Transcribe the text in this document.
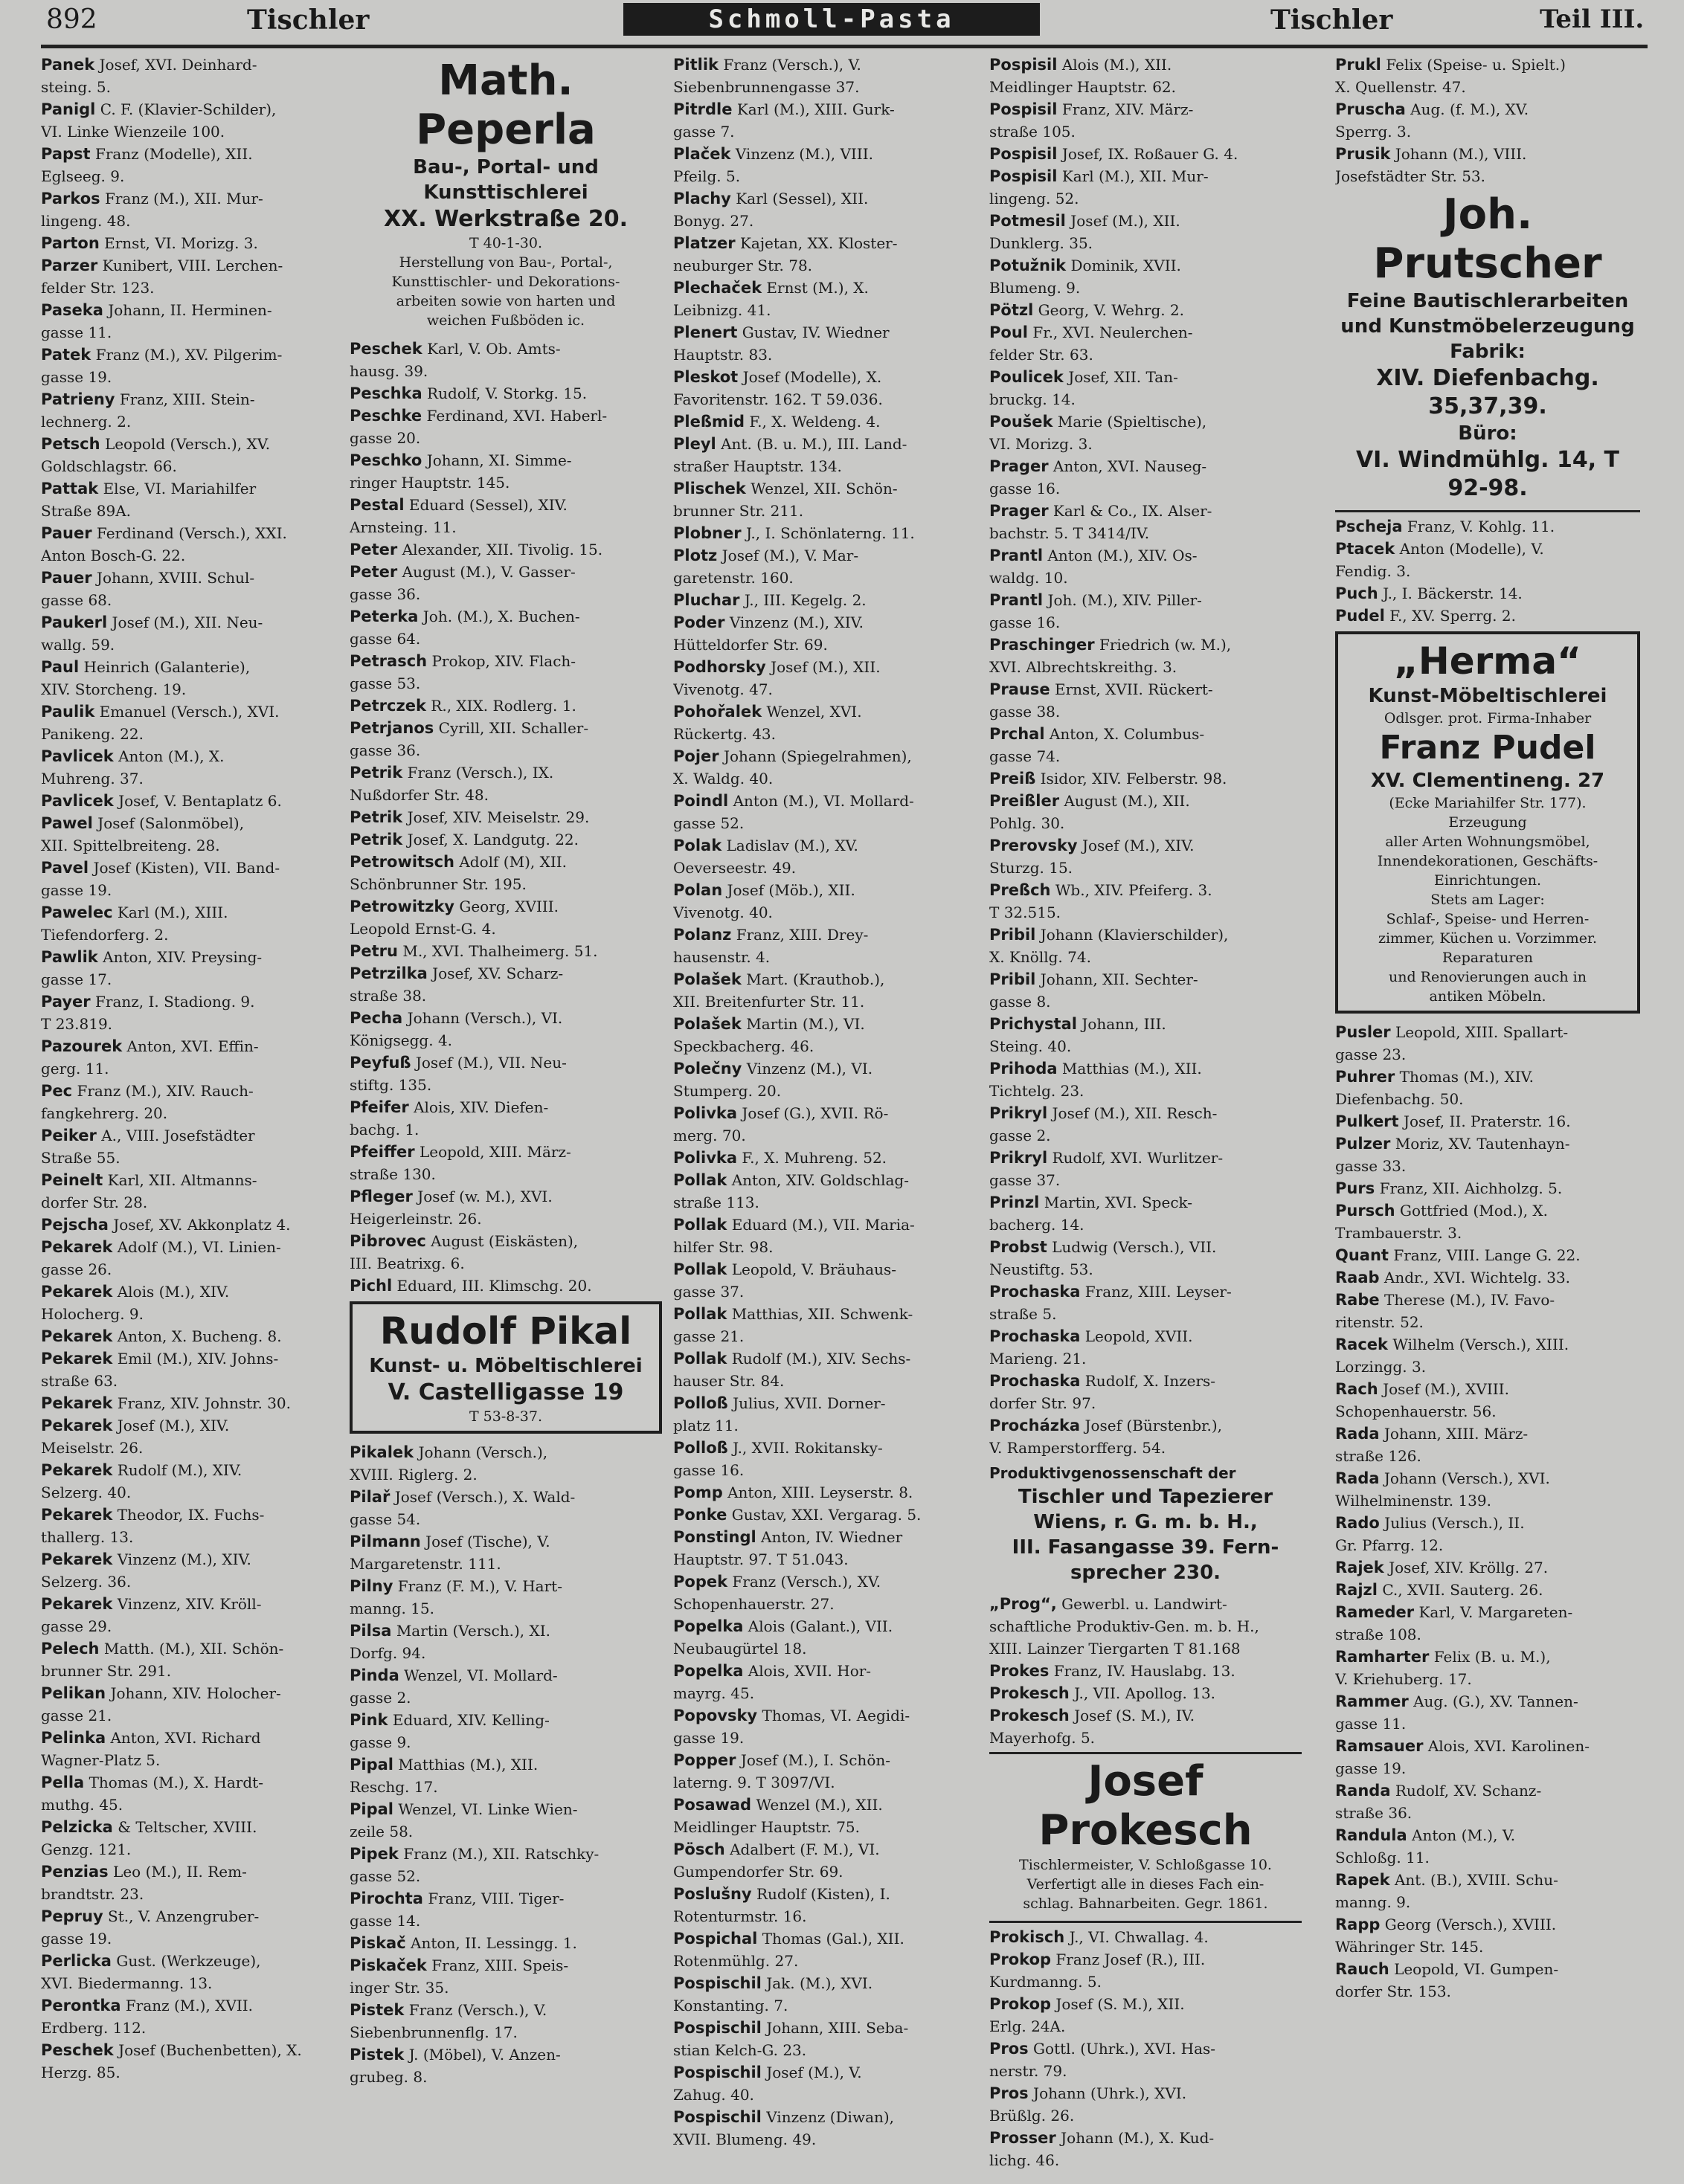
892	Tischler	Schmoll-Pasta	Tischler	Teil III.
Panek Josef, XVI. Deinhard-
steing. 5.
Panigl C. F. (Klavier-Schilder),
VI. Linke Wienzeile 100.
Papst Franz (Modelle), XII.
Eglseeg. 9.
Parkos Franz (M.), XII. Mur-
lingeng. 48.
Parton Ernst, VI. Morizg. 3.
Parzer Kunibert, VIII. Lerchen-
felder Str. 123.
Paseka Johann, II. Herminen-
gasse 11.
Patek Franz (M.), XV. Pilgerim-
gasse 19.
Patrieny Franz, XIII. Stein-
lechnerg. 2.
Petsch Leopold (Versch.), XV.
Goldschlagstr. 66.
Pattak Else, VI. Mariahilfer
Straße 89A.
Pauer Ferdinand (Versch.), XXI.
Anton Bosch-G. 22.
Pauer Johann, XVIII. Schul-
gasse 68.
Paukerl Josef (M.), XII. Neu-
wallg. 59.
Paul Heinrich (Galanterie),
XIV. Storcheng. 19.
Paulik Emanuel (Versch.), XVI.
Panikeng. 22.
Pavlicek Anton (M.), X.
Muhreng. 37.
Pavlicek Josef, V. Bentaplatz 6.
Pawel Josef (Salonmöbel),
XII. Spittelbreiteng. 28.
Pavel Josef (Kisten), VII. Band-
gasse 19.
Pawelec Karl (M.), XIII.
Tiefendorferg. 2.
Pawlik Anton, XIV. Preysing-
gasse 17.
Payer Franz, I. Stadiong. 9.
T 23.819.
Pazourek Anton, XVI. Effin-
gerg. 11.
Pec Franz (M.), XIV. Rauch-
fangkehrerg. 20.
Peiker A., VIII. Josefstädter
Straße 55.
Peinelt Karl, XII. Altmanns-
dorfer Str. 28.
Pejscha Josef, XV. Akkonplatz 4.
Pekarek Adolf (M.), VI. Linien-
gasse 26.
Pekarek Alois (M.), XIV.
Holocherg. 9.
Pekarek Anton, X. Bucheng. 8.
Pekarek Emil (M.), XIV. Johns-
straße 63.
Pekarek Franz, XIV. Johnstr. 30.
Pekarek Josef (M.), XIV.
Meiselstr. 26.
Pekarek Rudolf (M.), XIV.
Selzerg. 40.
Pekarek Theodor, IX. Fuchs-
thallerg. 13.
Pekarek Vinzenz (M.), XIV.
Selzerg. 36.
Pekarek Vinzenz, XIV. Kröll-
gasse 29.
Pelech Matth. (M.), XII. Schön-
brunner Str. 291.
Pelikan Johann, XIV. Holocher-
gasse 21.
Pelinka Anton, XVI. Richard
Wagner-Platz 5.
Pella Thomas (M.), X. Hardt-
muthg. 45.
Pelzicka & Teltscher, XVIII.
Genzg. 121.
Penzias Leo (M.), II. Rem-
brandtstr. 23.
Pepruy St., V. Anzengruber-
gasse 19.
Perlicka Gust. (Werkzeuge),
XVI. Biedermanng. 13.
Perontka Franz (M.), XVII.
Erdberg. 112.
Peschek Josef (Buchenbetten), X.
Herzg. 85.
Math. Peperla
Bau-, Portal- und Kunsttischlerei
XX. Werkstraße 20.
T 40-1-30.
Herstellung von Bau-, Portal-,
Kunsttischler- und Dekorations-
arbeiten sowie von harten und
weichen Fußböden ic.
Peschek Karl, V. Ob. Amts-
hausg. 39.
Peschka Rudolf, V. Storkg. 15.
Peschke Ferdinand, XVI. Haberl-
gasse 20.
Peschko Johann, XI. Simme-
ringer Hauptstr. 145.
Pestal Eduard (Sessel), XIV.
Arnsteing. 11.
Peter Alexander, XII. Tivolig. 15.
Peter August (M.), V. Gasser-
gasse 36.
Peterka Joh. (M.), X. Buchen-
gasse 64.
Petrasch Prokop, XIV. Flach-
gasse 53.
Petrczek R., XIX. Rodlerg. 1.
Petrjanos Cyrill, XII. Schaller-
gasse 36.
Petrik Franz (Versch.), IX.
Nußdorfer Str. 48.
Petrik Josef, XIV. Meiselstr. 29.
Petrik Josef, X. Landgutg. 22.
Petrowitsch Adolf (M), XII.
Schönbrunner Str. 195.
Petrowitzky Georg, XVIII.
Leopold Ernst-G. 4.
Petru M., XVI. Thalheimerg. 51.
Petrzilka Josef, XV. Scharz-
straße 38.
Pecha Johann (Versch.), VI.
Königsegg. 4.
Peyfuß Josef (M.), VII. Neu-
stiftg. 135.
Pfeifer Alois, XIV. Diefen-
bachg. 1.
Pfeiffer Leopold, XIII. März-
straße 130.
Pfleger Josef (w. M.), XVI.
Heigerleinstr. 26.
Pibrovec August (Eiskästen),
III. Beatrixg. 6.
Pichl Eduard, III. Klimschg. 20.
Rudolf Pikal
Kunst- u. Möbeltischlerei
V. Castelligasse 19
T 53-8-37.
Pikalek Johann (Versch.),
XVIII. Riglerg. 2.
Pilař Josef (Versch.), X. Wald-
gasse 54.
Pilmann Josef (Tische), V.
Margaretenstr. 111.
Pilny Franz (F. M.), V. Hart-
manng. 15.
Pilsa Martin (Versch.), XI.
Dorfg. 94.
Pinda Wenzel, VI. Mollard-
gasse 2.
Pink Eduard, XIV. Kelling-
gasse 9.
Pipal Matthias (M.), XII.
Reschg. 17.
Pipal Wenzel, VI. Linke Wien-
zeile 58.
Pipek Franz (M.), XII. Ratschky-
gasse 52.
Pirochta Franz, VIII. Tiger-
gasse 14.
Piskač Anton, II. Lessingg. 1.
Piskaček Franz, XIII. Speis-
inger Str. 35.
Pistek Franz (Versch.), V.
Siebenbrunnenflg. 17.
Pistek J. (Möbel), V. Anzen-
grubeg. 8.
Pitlik Franz (Versch.), V.
Siebenbrunnengasse 37.
Pitrdle Karl (M.), XIII. Gurk-
gasse 7.
Plaček Vinzenz (M.), VIII.
Pfeilg. 5.
Plachy Karl (Sessel), XII.
Bonyg. 27.
Platzer Kajetan, XX. Kloster-
neuburger Str. 78.
Plechaček Ernst (M.), X.
Leibnizg. 41.
Plenert Gustav, IV. Wiedner
Hauptstr. 83.
Pleskot Josef (Modelle), X.
Favoritenstr. 162. T 59.036.
Pleßmid F., X. Weldeng. 4.
Pleyl Ant. (B. u. M.), III. Land-
straßer Hauptstr. 134.
Plischek Wenzel, XII. Schön-
brunner Str. 211.
Plobner J., I. Schönlaterng. 11.
Plotz Josef (M.), V. Mar-
garetenstr. 160.
Pluchar J., III. Kegelg. 2.
Poder Vinzenz (M.), XIV.
Hütteldorfer Str. 69.
Podhorsky Josef (M.), XII.
Vivenotg. 47.
Pohořalek Wenzel, XVI.
Rückertg. 43.
Pojer Johann (Spiegelrahmen),
X. Waldg. 40.
Poindl Anton (M.), VI. Mollard-
gasse 52.
Polak Ladislav (M.), XV.
Oeverseestr. 49.
Polan Josef (Möb.), XII.
Vivenotg. 40.
Polanz Franz, XIII. Drey-
hausenstr. 4.
Polašek Mart. (Krauthob.),
XII. Breitenfurter Str. 11.
Polašek Martin (M.), VI.
Speckbacherg. 46.
Polečny Vinzenz (M.), VI.
Stumperg. 20.
Polivka Josef (G.), XVII. Rö-
merg. 70.
Polivka F., X. Muhreng. 52.
Pollak Anton, XIV. Goldschlag-
straße 113.
Pollak Eduard (M.), VII. Maria-
hilfer Str. 98.
Pollak Leopold, V. Bräuhaus-
gasse 37.
Pollak Matthias, XII. Schwenk-
gasse 21.
Pollak Rudolf (M.), XIV. Sechs-
hauser Str. 84.
Polloß Julius, XVII. Dorner-
platz 11.
Polloß J., XVII. Rokitansky-
gasse 16.
Pomp Anton, XIII. Leyserstr. 8.
Ponke Gustav, XXI. Vergarag. 5.
Ponstingl Anton, IV. Wiedner
Hauptstr. 97. T 51.043.
Popek Franz (Versch.), XV.
Schopenhauerstr. 27.
Popelka Alois (Galant.), VII.
Neubaugürtel 18.
Popelka Alois, XVII. Hor-
mayrg. 45.
Popovsky Thomas, VI. Aegidi-
gasse 19.
Popper Josef (M.), I. Schön-
laterng. 9. T 3097/VI.
Posawad Wenzel (M.), XII.
Meidlinger Hauptstr. 75.
Pösch Adalbert (F. M.), VI.
Gumpendorfer Str. 69.
Poslušny Rudolf (Kisten), I.
Rotenturmstr. 16.
Pospichal Thomas (Gal.), XII.
Rotenmühlg. 27.
Pospischil Jak. (M.), XVI.
Konstanting. 7.
Pospischil Johann, XIII. Seba-
stian Kelch-G. 23.
Pospischil Josef (M.), V.
Zahug. 40.
Pospischil Vinzenz (Diwan),
XVII. Blumeng. 49.
Pospisil Alois (M.), XII.
Meidlinger Hauptstr. 62.
Pospisil Franz, XIV. März-
straße 105.
Pospisil Josef, IX. Roßauer G. 4.
Pospisil Karl (M.), XII. Mur-
lingeng. 52.
Potmesil Josef (M.), XII.
Dunklerg. 35.
Potužnik Dominik, XVII.
Blumeng. 9.
Pötzl Georg, V. Wehrg. 2.
Poul Fr., XVI. Neulerchen-
felder Str. 63.
Poulicek Josef, XII. Tan-
bruckg. 14.
Poušek Marie (Spieltische),
VI. Morizg. 3.
Prager Anton, XVI. Nauseg-
gasse 16.
Prager Karl & Co., IX. Alser-
bachstr. 5. T 3414/IV.
Prantl Anton (M.), XIV. Os-
waldg. 10.
Prantl Joh. (M.), XIV. Piller-
gasse 16.
Praschinger Friedrich (w. M.),
XVI. Albrechtskreithg. 3.
Prause Ernst, XVII. Rückert-
gasse 38.
Prchal Anton, X. Columbus-
gasse 74.
Preiß Isidor, XIV. Felberstr. 98.
Preißler August (M.), XII.
Pohlg. 30.
Prerovsky Josef (M.), XIV.
Sturzg. 15.
Preßch Wb., XIV. Pfeiferg. 3.
T 32.515.
Pribil Johann (Klavierschilder),
X. Knöllg. 74.
Pribil Johann, XII. Sechter-
gasse 8.
Prichystal Johann, III.
Steing. 40.
Prihoda Matthias (M.), XII.
Tichtelg. 23.
Prikryl Josef (M.), XII. Resch-
gasse 2.
Prikryl Rudolf, XVI. Wurlitzer-
gasse 37.
Prinzl Martin, XVI. Speck-
bacherg. 14.
Probst Ludwig (Versch.), VII.
Neustiftg. 53.
Prochaska Franz, XIII. Leyser-
straße 5.
Prochaska Leopold, XVII.
Marieng. 21.
Prochaska Rudolf, X. Inzers-
dorfer Str. 97.
Procházka Josef (Bürstenbr.),
V. Ramperstorfferg. 54.
Produktivgenossenschaft der
Tischler und Tapezierer
Wiens, r. G. m. b. H.,
III. Fasangasse 39. Fern-
sprecher 230.
„Prog“, Gewerbl. u. Landwirt-
schaftliche Produktiv-Gen. m. b. H.,
XIII. Lainzer Tiergarten T 81.168
Prokes Franz, IV. Hauslabg. 13.
Prokesch J., VII. Apollog. 13.
Prokesch Josef (S. M.), IV.
Mayerhofg. 5.
Josef Prokesch
Tischlermeister, V. Schloßgasse 10.
Verfertigt alle in dieses Fach ein-
schlag. Bahnarbeiten. Gegr. 1861.
Prokisch J., VI. Chwallag. 4.
Prokop Franz Josef (R.), III.
Kurdmanng. 5.
Prokop Josef (S. M.), XII.
Erlg. 24A.
Pros Gottl. (Uhrk.), XVI. Has-
nerstr. 79.
Pros Johann (Uhrk.), XVI.
Brüßlg. 26.
Prosser Johann (M.), X. Kud-
lichg. 46.
Prukl Felix (Speise- u. Spielt.)
X. Quellenstr. 47.
Pruscha Aug. (f. M.), XV.
Sperrg. 3.
Prusik Johann (M.), VIII.
Josefstädter Str. 53.
Joh. Prutscher
Feine Bautischlerarbeiten
und Kunstmöbelerzeugung
Fabrik:
XIV. Diefenbachg. 35,37,39.
Büro:
VI. Windmühlg. 14, T 92-98.
Pscheja Franz, V. Kohlg. 11.
Ptacek Anton (Modelle), V.
Fendig. 3.
Puch J., I. Bäckerstr. 14.
Pudel F., XV. Sperrg. 2.
„Herma“
Kunst-Möbeltischlerei
Odlsger. prot. Firma-Inhaber
Franz Pudel
XV. Clementineng. 27
(Ecke Mariahilfer Str. 177).
Erzeugung
aller Arten Wohnungsmöbel,
Innendekorationen, Geschäfts-
Einrichtungen.
Stets am Lager:
Schlaf-, Speise- und Herren-
zimmer, Küchen u. Vorzimmer.
Reparaturen
und Renovierungen auch in
antiken Möbeln.
Pusler Leopold, XIII. Spallart-
gasse 23.
Puhrer Thomas (M.), XIV.
Diefenbachg. 50.
Pulkert Josef, II. Praterstr. 16.
Pulzer Moriz, XV. Tautenhayn-
gasse 33.
Purs Franz, XII. Aichholzg. 5.
Pursch Gottfried (Mod.), X.
Trambauerstr. 3.
Quant Franz, VIII. Lange G. 22.
Raab Andr., XVI. Wichtelg. 33.
Rabe Therese (M.), IV. Favo-
ritenstr. 52.
Racek Wilhelm (Versch.), XIII.
Lorzingg. 3.
Rach Josef (M.), XVIII.
Schopenhauerstr. 56.
Rada Johann, XIII. März-
straße 126.
Rada Johann (Versch.), XVI.
Wilhelminenstr. 139.
Rado Julius (Versch.), II.
Gr. Pfarrg. 12.
Rajek Josef, XIV. Kröllg. 27.
Rajzl C., XVII. Sauterg. 26.
Rameder Karl, V. Margareten-
straße 108.
Ramharter Felix (B. u. M.),
V. Kriehuberg. 17.
Rammer Aug. (G.), XV. Tannen-
gasse 11.
Ramsauer Alois, XVI. Karolinen-
gasse 19.
Randa Rudolf, XV. Schanz-
straße 36.
Randula Anton (M.), V.
Schloßg. 11.
Rapek Ant. (B.), XVIII. Schu-
manng. 9.
Rapp Georg (Versch.), XVIII.
Währinger Str. 145.
Rauch Leopold, VI. Gumpen-
dorfer Str. 153.
